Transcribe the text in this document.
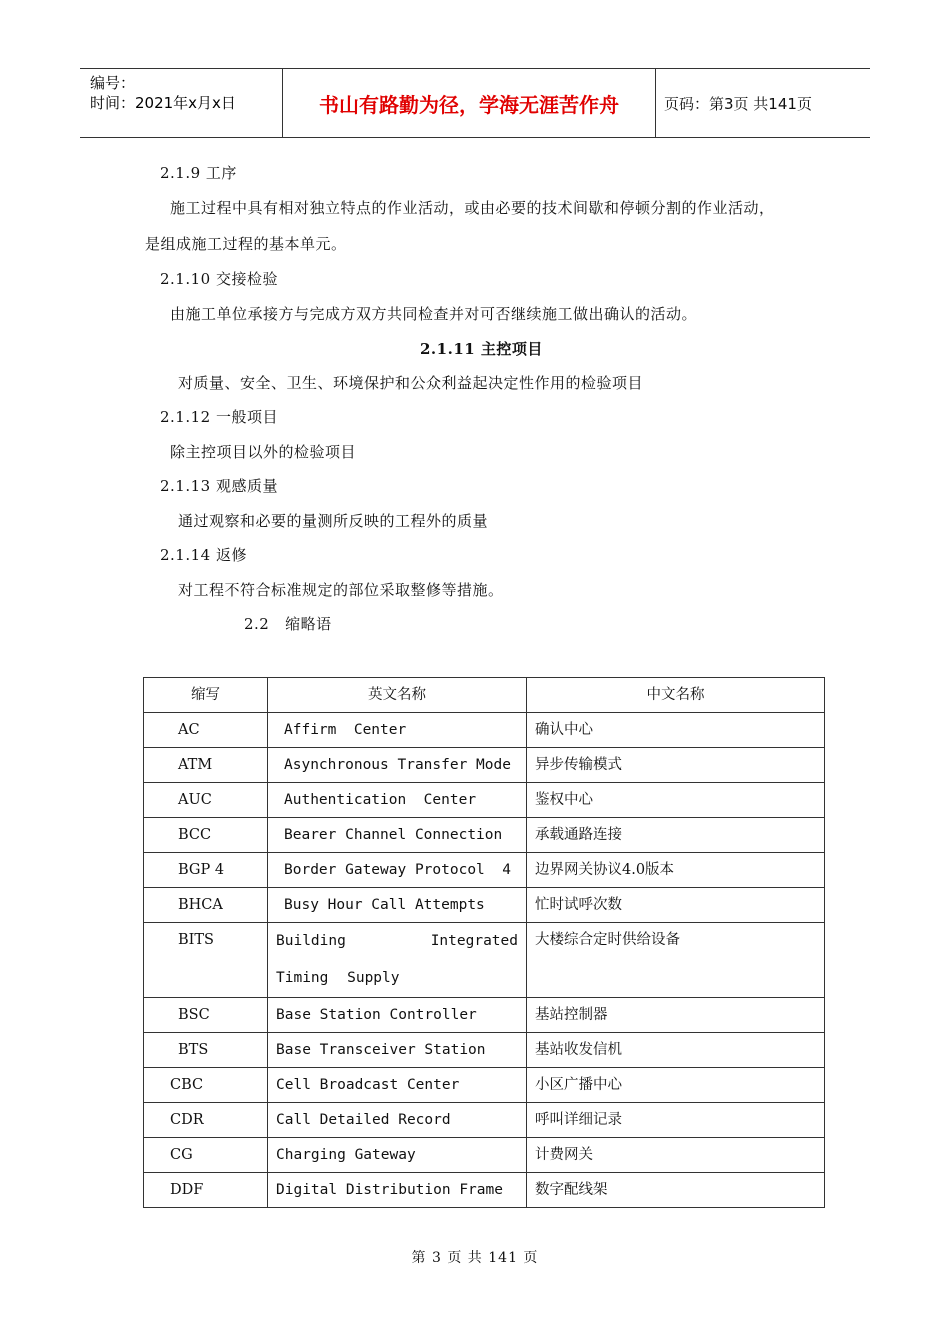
编号：
时间：2021年x月x日	书山有路勤为径，学海无涯苦作舟	页码：第3页 共141页
2.1.9 工序
施工过程中具有相对独立特点的作业活动，或由必要的技术间歇和停顿分割的作业活动，
是组成施工过程的基本单元。
2.1.10 交接检验
由施工单位承接方与完成方双方共同检查并对可否继续施工做出确认的活动。
2.1.11 主控项目
对质量、安全、卫生、环境保护和公众利益起决定性作用的检验项目
2.1.12 一般项目
除主控项目以外的检验项目
2.1.13 观感质量
通过观察和必要的量测所反映的工程外的质量
2.1.14 返修
对工程不符合标准规定的部位采取整修等措施。
2.2   缩略语
缩写	英文名称	中文名称

AC	Affirm  Center	确认中心

ATM	Asynchronous Transfer Mode	异步传输模式

AUC	Authentication  Center	鉴权中心

BCC	Bearer Channel Connection	承载通路连接

BGP 4	Border Gateway Protocol  4	边界网关协议4.0版本

BHCA	Busy Hour Call Attempts	忙时试呼次数

BITS	Building Integrated Timing Supply	大楼综合定时供给设备

BSC	Base Station Controller	基站控制器

BTS	Base Transceiver Station	基站收发信机

CBC	Cell Broadcast Center	小区广播中心

CDR	Call Detailed Record	呼叫详细记录

CG	Charging Gateway	计费网关

DDF	Digital Distribution Frame	数字配线架
第 3 页 共 141 页
